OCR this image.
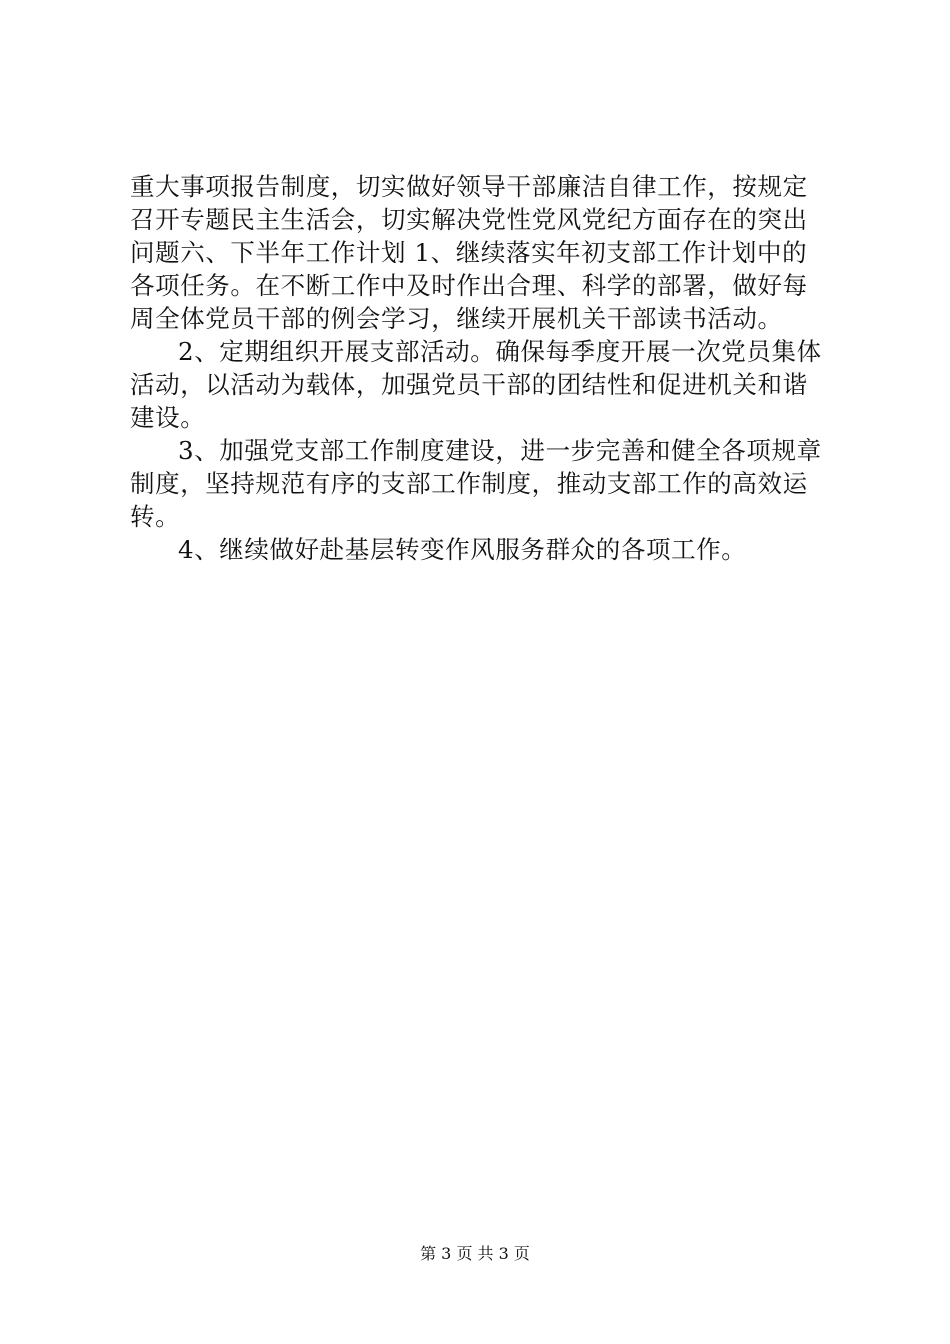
重大事项报告制度，切实做好领导干部廉洁自律工作，按规定
召开专题民主生活会，切实解决党性党风党纪方面存在的突出
问题六、下半年工作计划 1、继续落实年初支部工作计划中的
各项任务。在不断工作中及时作出合理、科学的部署，做好每
周全体党员干部的例会学习，继续开展机关干部读书活动。
2、定期组织开展支部活动。确保每季度开展一次党员集体
活动，以活动为载体，加强党员干部的团结性和促进机关和谐
建设。
3、加强党支部工作制度建设，进一步完善和健全各项规章
制度，坚持规范有序的支部工作制度，推动支部工作的高效运
转。
4、继续做好赴基层转变作风服务群众的各项工作。
第 3 页 共 3 页
